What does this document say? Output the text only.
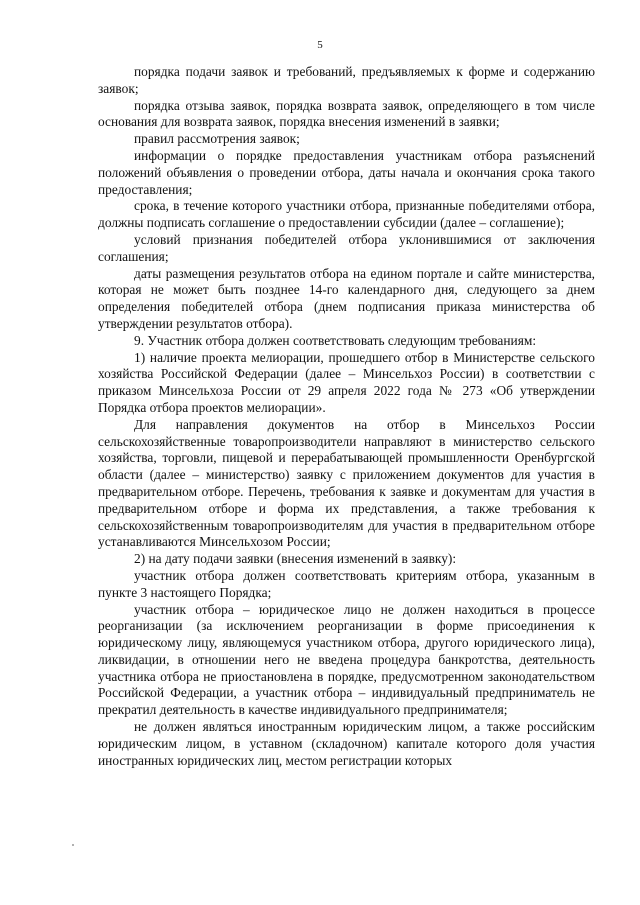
5

порядка подачи заявок и требований, предъявляемых к форме и содержанию заявок;

порядка отзыва заявок, порядка возврата заявок, определяющего в том числе основания для возврата заявок, порядка внесения изменений в заявки;

правил рассмотрения заявок;

информации о порядке предоставления участникам отбора разъяснений положений объявления о проведении отбора, даты начала и окончания срока такого предоставления;

срока, в течение которого участники отбора, признанные победителями отбора, должны подписать соглашение о предоставлении субсидии (далее – соглашение);

условий признания победителей отбора уклонившимися от заключения соглашения;

даты размещения результатов отбора на едином портале и сайте министерства, которая не может быть позднее 14-го календарного дня, следующего за днем определения победителей отбора (днем подписания приказа министерства об утверждении результатов отбора).

9. Участник отбора должен соответствовать следующим требованиям:

1) наличие проекта мелиорации, прошедшего отбор в Министерстве сельского хозяйства Российской Федерации (далее – Минсельхоз России) в соответствии с приказом Минсельхоза России от 29 апреля 2022 года № 273 «Об утверждении Порядка отбора проектов мелиорации».

Для направления документов на отбор в Минсельхоз России сельскохозяйственные товаропроизводители направляют в министерство сельского хозяйства, торговли, пищевой и перерабатывающей промышленности Оренбургской области (далее – министерство) заявку с приложением документов для участия в предварительном отборе. Перечень, требования к заявке и документам для участия в предварительном отборе и форма их представления, а также требования к сельскохозяйственным товаропроизводителям для участия в предварительном отборе устанавливаются Минсельхозом России;

2) на дату подачи заявки (внесения изменений в заявку):

участник отбора должен соответствовать критериям отбора, указанным в пункте 3 настоящего Порядка;

участник отбора – юридическое лицо не должен находиться в процессе реорганизации (за исключением реорганизации в форме присоединения к юридическому лицу, являющемуся участником отбора, другого юридического лица), ликвидации, в отношении него не введена процедура банкротства, деятельность участника отбора не приостановлена в порядке, предусмотренном законодательством Российской Федерации, а участник отбора – индивидуальный предприниматель не прекратил деятельность в качестве индивидуального предпринимателя;

не должен являться иностранным юридическим лицом, а также российским юридическим лицом, в уставном (складочном) капитале которого доля участия иностранных юридических лиц, местом регистрации которых
